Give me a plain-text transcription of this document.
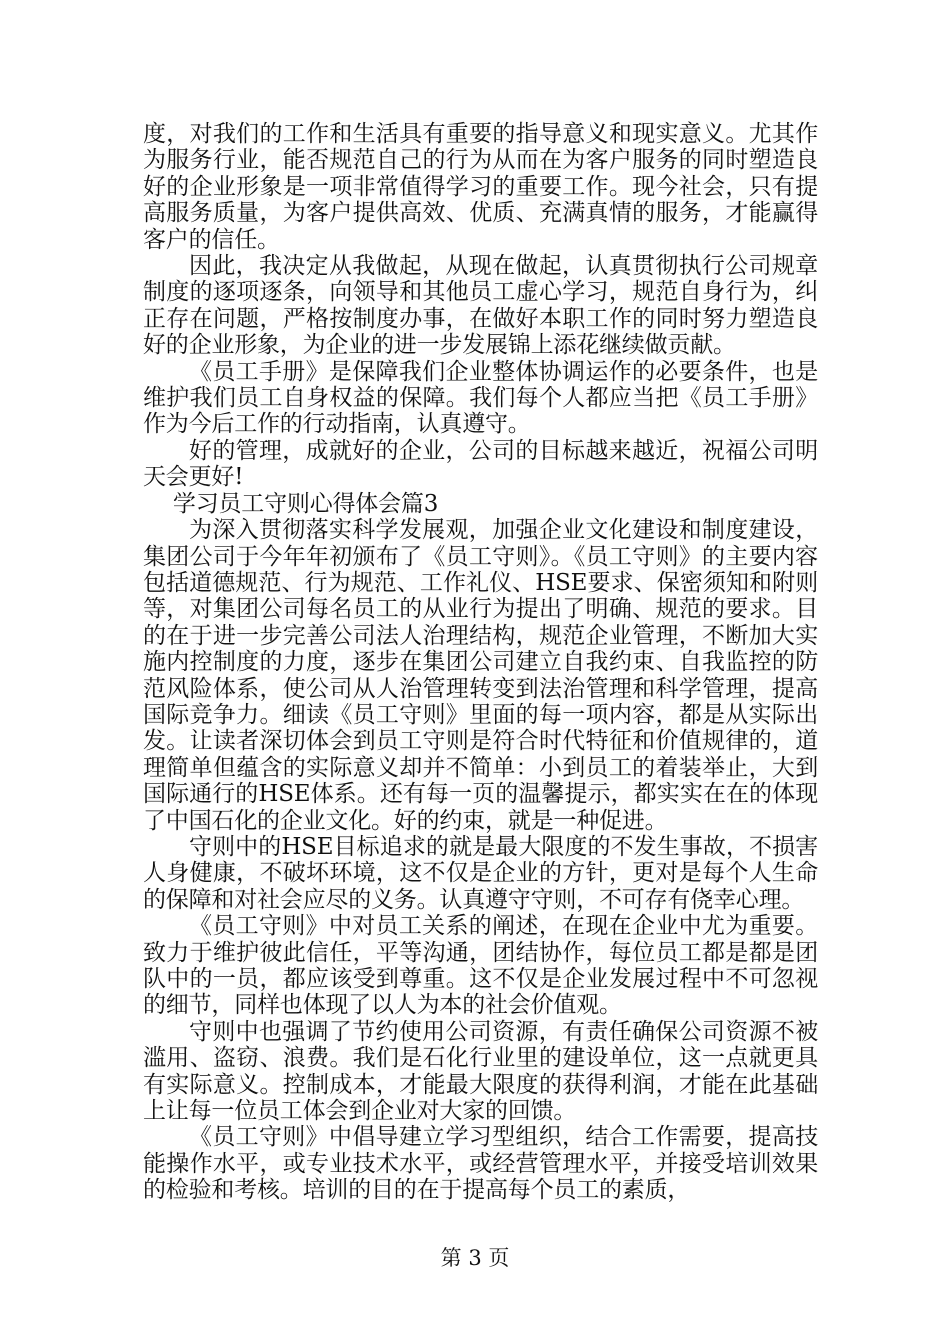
度，对我们的工作和生活具有重要的指导意义和现实意义。尤其作为服务行业，能否规范自己的行为从而在为客户服务的同时塑造良好的企业形象是一项非常值得学习的重要工作。现今社会，只有提高服务质量，为客户提供高效、优质、充满真情的服务，才能赢得客户的信任。

因此，我决定从我做起，从现在做起，认真贯彻执行公司规章制度的逐项逐条，向领导和其他员工虚心学习，规范自身行为，纠正存在问题，严格按制度办事，在做好本职工作的同时努力塑造良好的企业形象，为企业的进一步发展锦上添花继续做贡献。

《员工手册》是保障我们企业整体协调运作的必要条件，也是维护我们员工自身权益的保障。我们每个人都应当把《员工手册》作为今后工作的行动指南，认真遵守。

好的管理，成就好的企业，公司的目标越来越近，祝福公司明天会更好!

学习员工守则心得体会篇3

为深入贯彻落实科学发展观，加强企业文化建设和制度建设，集团公司于今年年初颁布了《员工守则》。《员工守则》的主要内容包括道德规范、行为规范、工作礼仪、HSE要求、保密须知和附则等，对集团公司每名员工的从业行为提出了明确、规范的要求。目的在于进一步完善公司法人治理结构，规范企业管理，不断加大实施内控制度的力度，逐步在集团公司建立自我约束、自我监控的防范风险体系，使公司从人治管理转变到法治管理和科学管理，提高国际竞争力。细读《员工守则》里面的每一项内容，都是从实际出发。让读者深切体会到员工守则是符合时代特征和价值规律的，道理简单但蕴含的实际意义却并不简单：小到员工的着装举止，大到国际通行的HSE体系。还有每一页的温馨提示，都实实在在的体现了中国石化的企业文化。好的约束，就是一种促进。

守则中的HSE目标追求的就是最大限度的不发生事故，不损害人身健康，不破坏环境，这不仅是企业的方针，更对是每个人生命的保障和对社会应尽的义务。认真遵守守则，不可存有侥幸心理。

《员工守则》中对员工关系的阐述，在现在企业中尤为重要。致力于维护彼此信任，平等沟通，团结协作，每位员工都是都是团队中的一员，都应该受到尊重。这不仅是企业发展过程中不可忽视的细节，同样也体现了以人为本的社会价值观。

守则中也强调了节约使用公司资源，有责任确保公司资源不被滥用、盗窃、浪费。我们是石化行业里的建设单位，这一点就更具有实际意义。控制成本，才能最大限度的获得利润，才能在此基础上让每一位员工体会到企业对大家的回馈。

《员工守则》中倡导建立学习型组织，结合工作需要，提高技能操作水平，或专业技术水平，或经营管理水平，并接受培训效果的检验和考核。培训的目的在于提高每个员工的素质，

第 3 页
